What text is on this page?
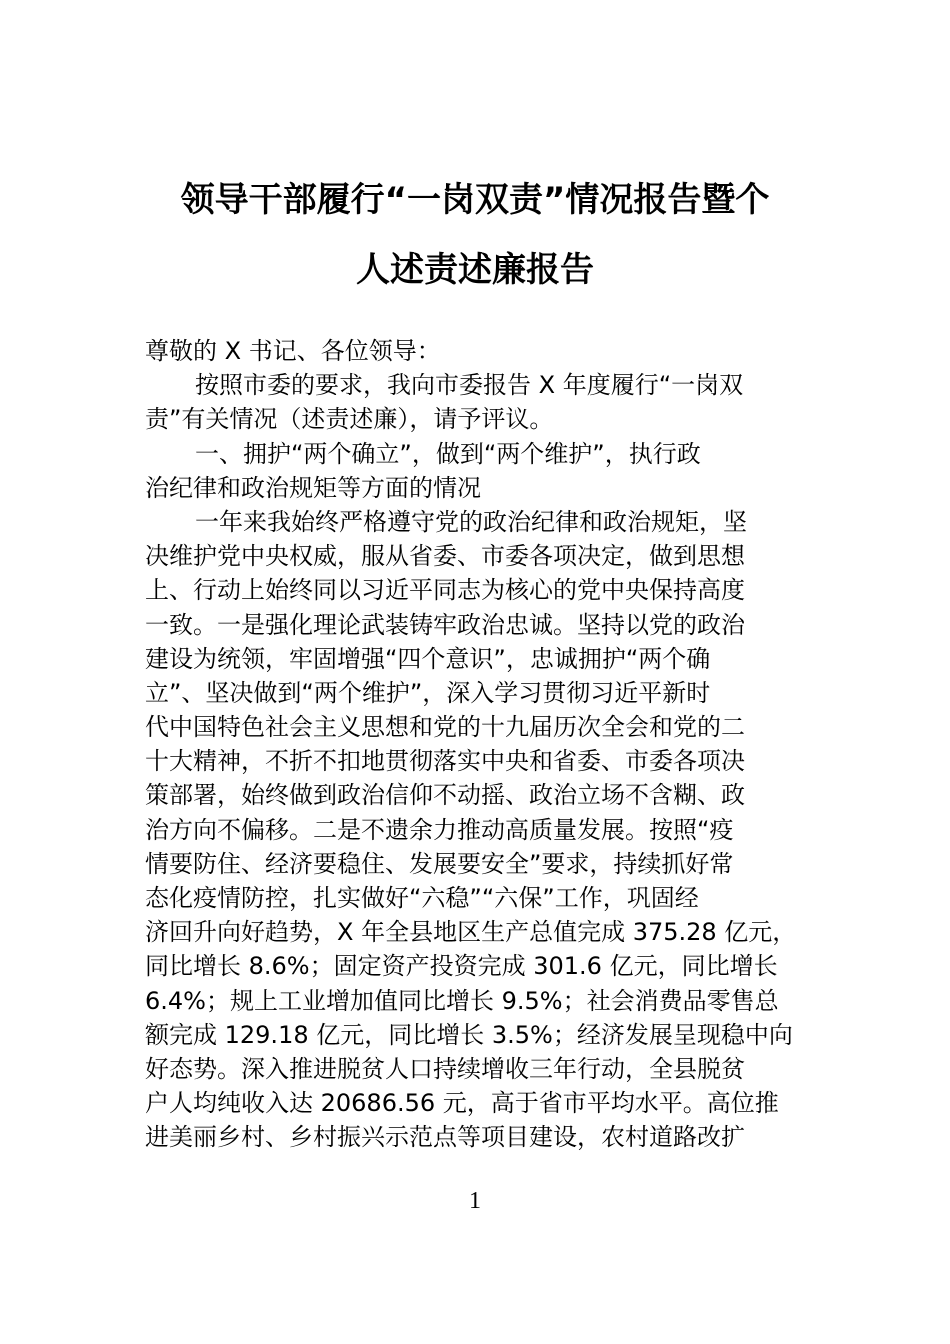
领导干部履行“一岗双责”情况报告暨个
人述责述廉报告
尊敬的 X 书记、各位领导：
按照市委的要求，我向市委报告 X 年度履行“一岗双
责”有关情况（述责述廉），请予评议。
一、拥护“两个确立”，做到“两个维护”，执行政
治纪律和政治规矩等方面的情况
一年来我始终严格遵守党的政治纪律和政治规矩，坚
决维护党中央权威，服从省委、市委各项决定，做到思想
上、行动上始终同以习近平同志为核心的党中央保持高度
一致。一是强化理论武装铸牢政治忠诚。坚持以党的政治
建设为统领，牢固增强“四个意识”，忠诚拥护“两个确
立”、坚决做到“两个维护”，深入学习贯彻习近平新时
代中国特色社会主义思想和党的十九届历次全会和党的二
十大精神，不折不扣地贯彻落实中央和省委、市委各项决
策部署，始终做到政治信仰不动摇、政治立场不含糊、政
治方向不偏移。二是不遗余力推动高质量发展。按照“疫
情要防住、经济要稳住、发展要安全”要求，持续抓好常
态化疫情防控，扎实做好“六稳”“六保”工作，巩固经
济回升向好趋势，X 年全县地区生产总值完成 375.28 亿元，
同比增长 8.6%；固定资产投资完成 301.6 亿元，同比增长
6.4%；规上工业增加值同比增长 9.5%；社会消费品零售总
额完成 129.18 亿元，同比增长 3.5%；经济发展呈现稳中向
好态势。深入推进脱贫人口持续增收三年行动，全县脱贫
户人均纯收入达 20686.56 元，高于省市平均水平。高位推
进美丽乡村、乡村振兴示范点等项目建设，农村道路改扩
1
